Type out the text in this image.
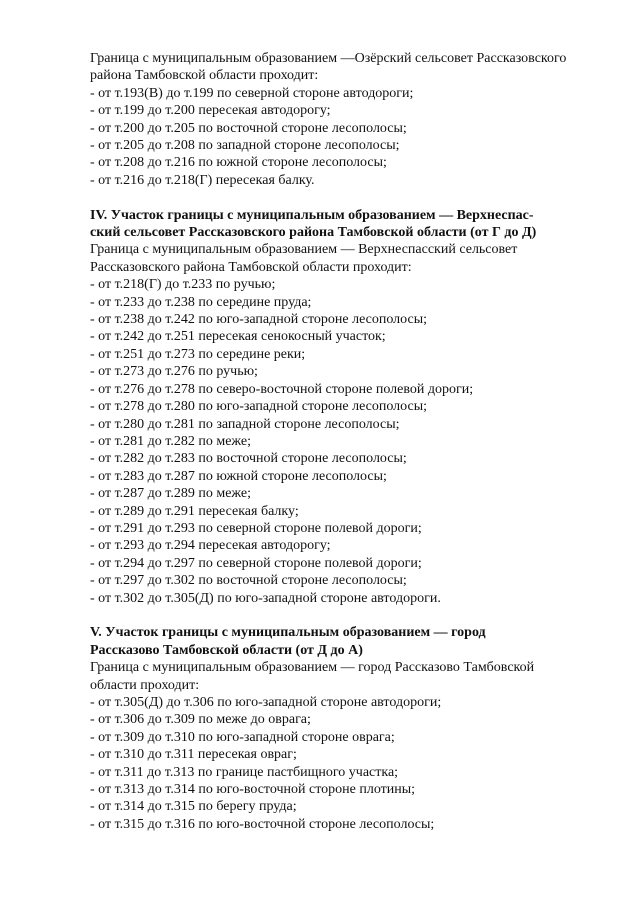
Граница с муниципальным образованием —Озёрский сельсовет Рассказовского
района Тамбовской области проходит:
- от т.193(В) до т.199 по северной стороне автодороги;
- от т.199 до т.200 пересекая автодорогу;
- от т.200 до т.205 по восточной стороне лесополосы;
- от т.205 до т.208 по западной стороне лесополосы;
- от т.208 до т.216 по южной стороне лесополосы;
- от т.216 до т.218(Г) пересекая балку.
IV. Участок границы с муниципальным образованием — Верхнеспас-
ский сельсовет Рассказовского района Тамбовской области (от Г до Д)
Граница с муниципальным образованием — Верхнеспасский сельсовет
Рассказовского района Тамбовской области проходит:
- от т.218(Г) до т.233 по ручью;
- от т.233 до т.238 по середине пруда;
- от т.238 до т.242 по юго-западной стороне лесополосы;
- от т.242 до т.251 пересекая сенокосный участок;
- от т.251 до т.273 по середине реки;
- от т.273 до т.276 по ручью;
- от т.276 до т.278 по северо-восточной стороне полевой дороги;
- от т.278 до т.280 по юго-западной стороне лесополосы;
- от т.280 до т.281 по западной стороне лесополосы;
- от т.281 до т.282 по меже;
- от т.282 до т.283 по восточной стороне лесополосы;
- от т.283 до т.287 по южной стороне лесополосы;
- от т.287 до т.289 по меже;
- от т.289 до т.291 пересекая балку;
- от т.291 до т.293 по северной стороне полевой дороги;
- от т.293 до т.294 пересекая автодорогу;
- от т.294 до т.297 по северной стороне полевой дороги;
- от т.297 до т.302 по восточной стороне лесополосы;
- от т.302 до т.305(Д) по юго-западной стороне автодороги.
V. Участок границы с муниципальным образованием — город
Рассказово Тамбовской области (от Д до А)
Граница с муниципальным образованием — город Рассказово Тамбовской
области проходит:
- от т.305(Д) до т.306 по юго-западной стороне автодороги;
- от т.306 до т.309 по меже до оврага;
- от т.309 до т.310 по юго-западной стороне оврага;
- от т.310 до т.311 пересекая овраг;
- от т.311 до т.313 по границе пастбищного участка;
- от т.313 до т.314 по юго-восточной стороне плотины;
- от т.314 до т.315 по берегу пруда;
- от т.315 до т.316 по юго-восточной стороне лесополосы;
